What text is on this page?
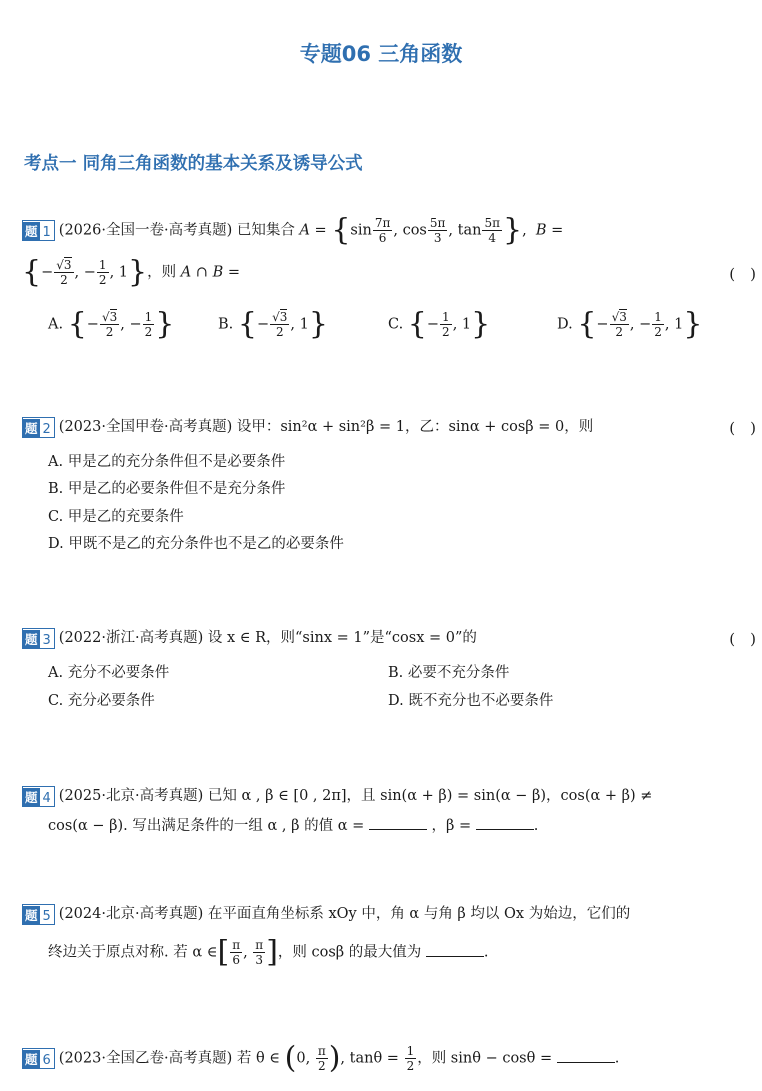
专题06 三角函数
考点一 同角三角函数的基本关系及诱导公式
题 1 (2026·全国一卷·高考真题) 已知集合 $A = \{\sin \frac{7\pi}{6}$ , $\cos \frac{5\pi}{3}$ , $\tan \frac{5\pi}{4}$ },  B =
{− $\frac{√3}{2}$ , − $\frac{1}{2}$ , 1}，则 A ∩ B =	(　)
A. {− $\frac{√3}{2}$ , − $\frac{1}{2}$ }	B. {− $\frac{√3}{2}$ , 1}	C. {− $\frac{1}{2}$ , 1}	D. {− $\frac{√3}{2}$ , − $\frac{1}{2}$ , 1}
题 2 (2023·全国甲卷·高考真题) 设甲：sin²α + sin²β = 1，乙：sinα + cosβ = 0，则	(　)
A. 甲是乙的充分条件但不是必要条件
B. 甲是乙的必要条件但不是充分条件
C. 甲是乙的充要条件
D. 甲既不是乙的充分条件也不是乙的必要条件
题 3 (2022·浙江·高考真题) 设 x ∈ R，则“sinx = 1”是“cosx = 0”的	(　)
A. 充分不必要条件	B. 必要不充分条件
C. 充分必要条件	D. 既不充分也不必要条件
题 4 (2025·北京·高考真题) 已知 α , β ∈ [0 , 2π]，且 sin(α + β) = sin(α − β)，cos(α + β) ≠
cos(α − β). 写出满足条件的一组 α , β 的值 α =	，β =	.
题 5 (2024·北京·高考真题) 在平面直角坐标系 xOy 中，角 α 与角 β 均以 Ox 为始边，它们的
终边关于原点对称. 若 α ∈[ $\frac{\pi}{6}$ , $\frac{\pi}{3}$ ]，则 cosβ 的最大值为	.
题 6 (2023·全国乙卷·高考真题) 若 θ ∈ (0, $\frac{\pi}{2}$ ), $\tan\theta = \frac{1}{2}$ ，则 sinθ − cosθ =	.
